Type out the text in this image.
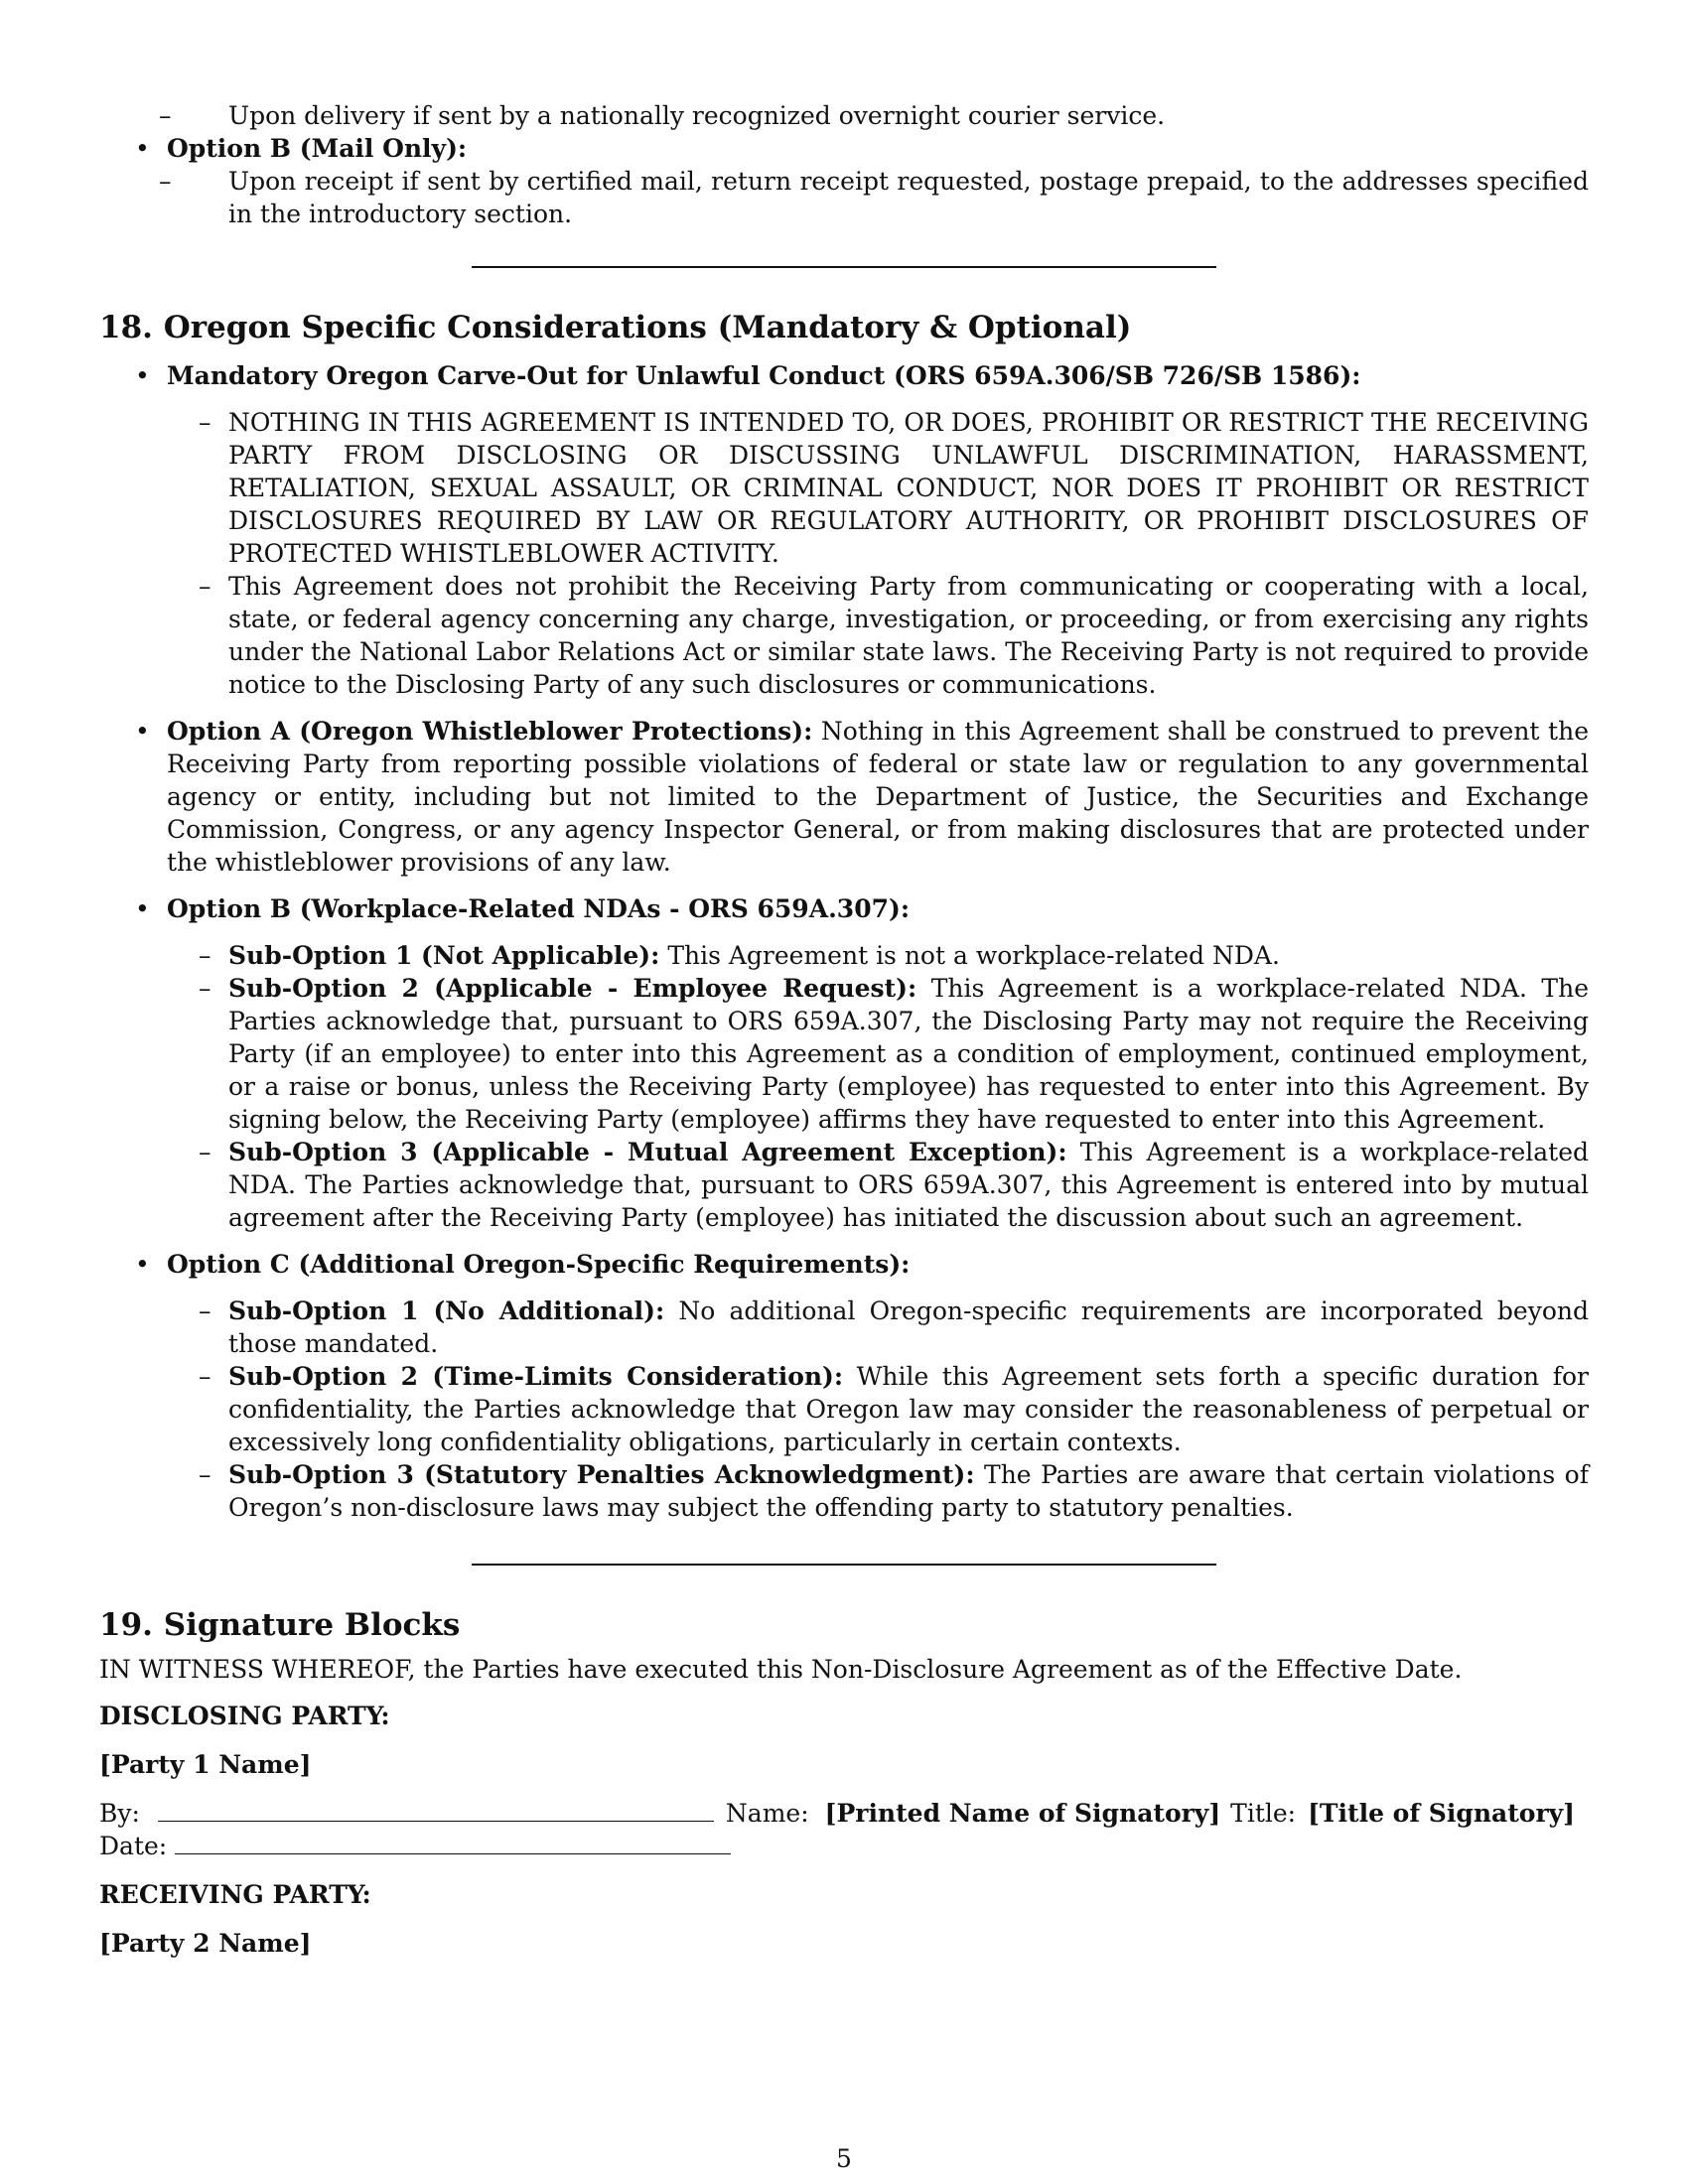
– Upon delivery if sent by a nationally recognized overnight courier service.
• Option B (Mail Only):
– Upon receipt if sent by certified mail, return receipt requested, postage prepaid, to the addresses specified in the introductory section.
18. Oregon Specific Considerations (Mandatory & Optional)
• Mandatory Oregon Carve-Out for Unlawful Conduct (ORS 659A.306/SB 726/SB 1586):
– NOTHING IN THIS AGREEMENT IS INTENDED TO, OR DOES, PROHIBIT OR RESTRICT THE RECEIVING PARTY FROM DISCLOSING OR DISCUSSING UNLAWFUL DISCRIMINATION, HARASSMENT, RETALIATION, SEXUAL ASSAULT, OR CRIMINAL CONDUCT, NOR DOES IT PROHIBIT OR RESTRICT DISCLOSURES REQUIRED BY LAW OR REGULATORY AUTHORITY, OR PROHIBIT DISCLOSURES OF PROTECTED WHISTLEBLOWER ACTIVITY.
– This Agreement does not prohibit the Receiving Party from communicating or cooperating with a local, state, or federal agency concerning any charge, investigation, or proceeding, or from exercising any rights under the National Labor Relations Act or similar state laws. The Receiving Party is not required to provide notice to the Disclosing Party of any such disclosures or communications.
• Option A (Oregon Whistleblower Protections): Nothing in this Agreement shall be construed to prevent the Receiving Party from reporting possible violations of federal or state law or regulation to any governmental agency or entity, including but not limited to the Department of Justice, the Securities and Exchange Commission, Congress, or any agency Inspector General, or from making disclosures that are protected under the whistleblower provisions of any law.
• Option B (Workplace-Related NDAs - ORS 659A.307):
– Sub-Option 1 (Not Applicable): This Agreement is not a workplace-related NDA.
– Sub-Option 2 (Applicable - Employee Request): This Agreement is a workplace-related NDA. The Parties acknowledge that, pursuant to ORS 659A.307, the Disclosing Party may not require the Receiving Party (if an employee) to enter into this Agreement as a condition of employment, continued employment, or a raise or bonus, unless the Receiving Party (employee) has requested to enter into this Agreement. By signing below, the Receiving Party (employee) affirms they have requested to enter into this Agreement.
– Sub-Option 3 (Applicable - Mutual Agreement Exception): This Agreement is a workplace-related NDA. The Parties acknowledge that, pursuant to ORS 659A.307, this Agreement is entered into by mutual agreement after the Receiving Party (employee) has initiated the discussion about such an agreement.
• Option C (Additional Oregon-Specific Requirements):
– Sub-Option 1 (No Additional): No additional Oregon-specific requirements are incorporated beyond those mandated.
– Sub-Option 2 (Time-Limits Consideration): While this Agreement sets forth a specific duration for confidentiality, the Parties acknowledge that Oregon law may consider the reasonableness of perpetual or excessively long confidentiality obligations, particularly in certain contexts.
– Sub-Option 3 (Statutory Penalties Acknowledgment): The Parties are aware that certain violations of Oregon’s non-disclosure laws may subject the offending party to statutory penalties.
19. Signature Blocks

IN WITNESS WHEREOF, the Parties have executed this Non-Disclosure Agreement as of the Effective Date.

DISCLOSING PARTY:

[Party 1 Name]

By:	Name: [Printed Name of Signatory] Title: [Title of Signatory]
Date:

RECEIVING PARTY:

[Party 2 Name]

5
